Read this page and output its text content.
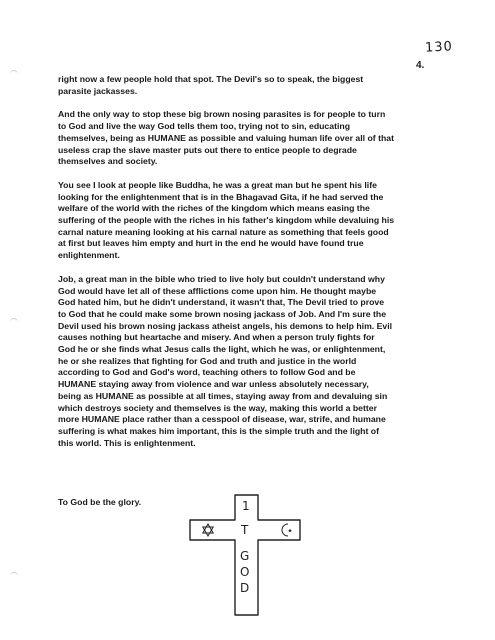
130
4.
right now a few people hold that spot. The Devil's so to speak, the biggest
parasite jackasses.
And the only way to stop these big brown nosing parasites is for people to turn
to God and live the way God tells them too, trying not to sin, educating
themselves, being as HUMANE as possible and valuing human life over all of that
useless crap the slave master puts out there to entice people to degrade
themselves and society.
You see I look at people like Buddha, he was a great man but he spent his life
looking for the enlightenment that is in the Bhagavad Gita, if he had served the
welfare of the world with the riches of the kingdom which means easing the
suffering of the people with the riches in his father's kingdom while devaluing his
carnal nature meaning looking at his carnal nature as something that feels good
at first but leaves him empty and hurt in the end he would have found true
enlightenment.
Job, a great man in the bible who tried to live holy but couldn't understand why
God would have let all of these afflictions come upon him. He thought maybe
God hated him, but he didn't understand, it wasn't that, The Devil tried to prove
to God that he could make some brown nosing jackass of Job. And I'm sure the
Devil used his brown nosing jackass atheist angels, his demons to help him. Evil
causes nothing but heartache and misery. And when a person truly fights for
God he or she finds what Jesus calls the light, which he was, or enlightenment,
he or she realizes that fighting for God and truth and justice in the world
according to God and God's word, teaching others to follow God and be
HUMANE staying away from violence and war unless absolutely necessary,
being as HUMANE as possible at all times, staying away from and devaluing sin
which destroys society and themselves is the way, making this world a better
more HUMANE place rather than a cesspool of disease, war, strife, and humane
suffering is what makes him important, this is the simple truth and the light of
this world. This is enlightenment.
To God be the glory.	1
T
G
O
D
